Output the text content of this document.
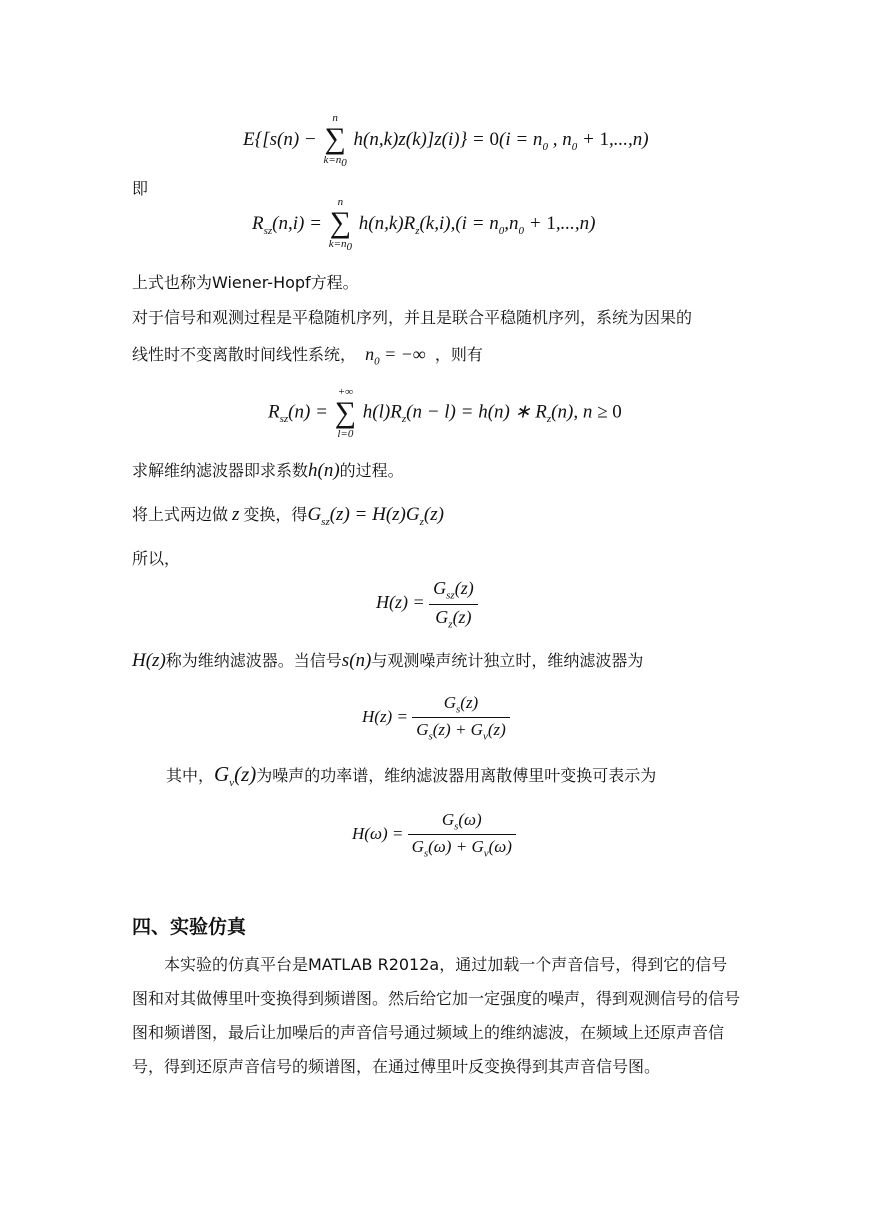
E{[s(n) −
n
∑
$k=n_0$
$h(n,k)z(k)]z(i)\} = 0(i = n_0$ , $n_0 + 1,...,n$)
即
$R_{sz}(n,i)$ =
n
∑
$k=n_0$
$h(n,k)R_z(k,i),(i = n_0,n_0 + 1,...,n)$
上式也称为Wiener-Hopf方程。
对于信号和观测过程是平稳随机序列，并且是联合平稳随机序列，系统为因果的
线性时不变离散时间线性系统， $n_0$ = −∞ ，则有
$R_{sz}(n)$ =
+∞
∑
l=0
$h(l)R_z(n - l) = h(n)$ ∗ $R_z(n)$, n ≥ 0
求解维纳滤波器即求系数h(n)的过程。
将上式两边做 z 变换，得$G_{sz}(z) = H(z)G_z(z)$
所以，
$H(z) = \frac{G_{sz}(z)}{G_z(z)}$
H(z)称为维纳滤波器。当信号s(n)与观测噪声统计独立时，维纳滤波器为
$H(z) = \frac{G_s(z)}{G_s(z) + G_v(z)}$
其中，$G_v(z)$为噪声的功率谱，维纳滤波器用离散傅里叶变换可表示为
$H(\omega) = \frac{G_s(\omega)}{G_s(\omega) + G_v(\omega)}$
四、实验仿真
本实验的仿真平台是MATLAB R2012a，通过加载一个声音信号，得到它的信号图和对其做傅里叶变换得到频谱图。然后给它加一定强度的噪声，得到观测信号的信号图和频谱图，最后让加噪后的声音信号通过频域上的维纳滤波，在频域上还原声音信号，得到还原声音信号的频谱图，在通过傅里叶反变换得到其声音信号图。
